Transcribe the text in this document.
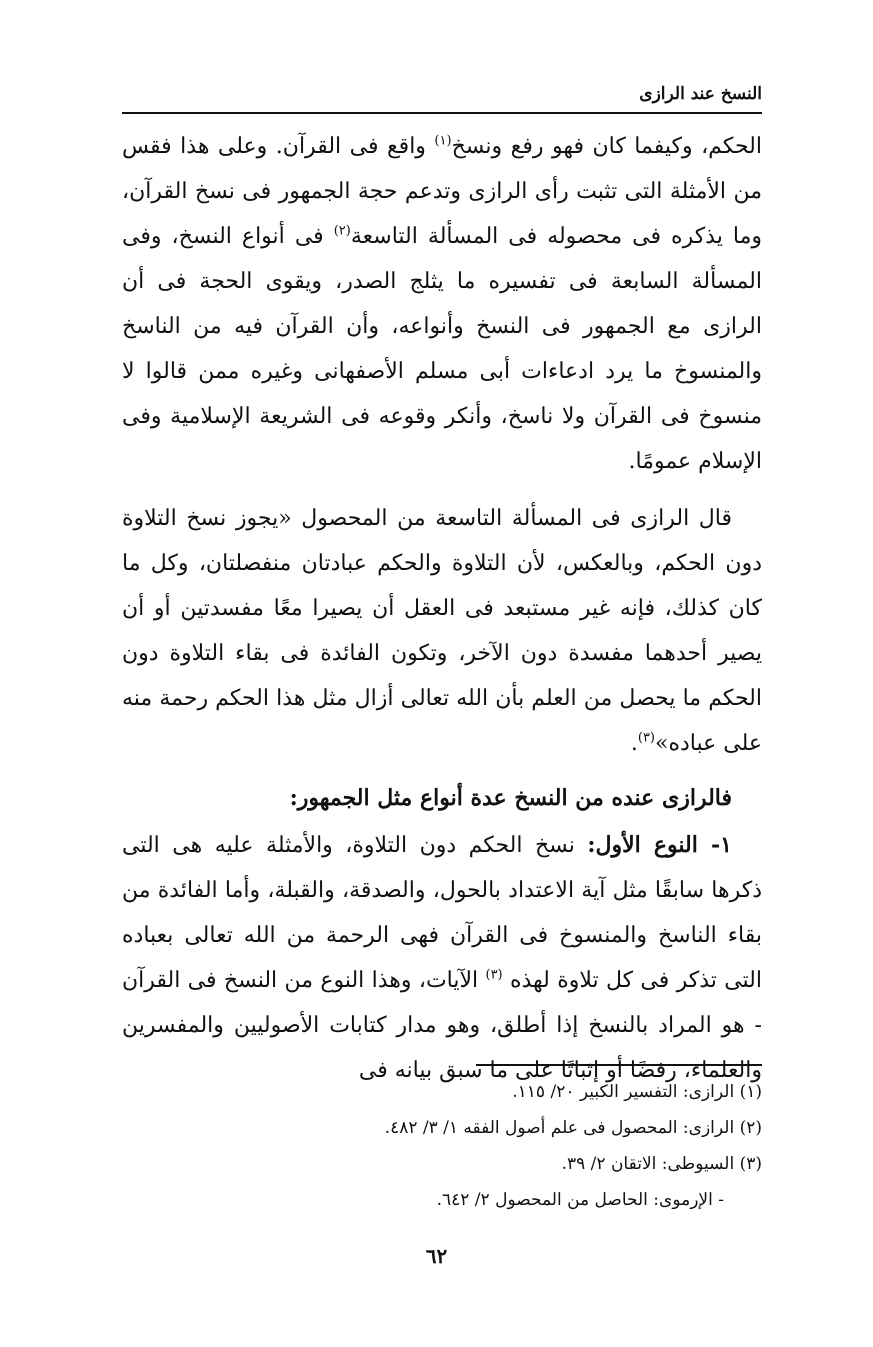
النسخ عند الرازى

الحكم، وكيفما كان فهو رفع ونسخ$^{(١)}$ واقع فى القرآن. وعلى هذا فقس من الأمثلة التى تثبت رأى الرازى وتدعم حجة الجمهور فى نسخ القرآن، وما يذكره فى محصوله فى المسألة التاسعة$^{(٢)}$ فى أنواع النسخ، وفى المسألة السابعة فى تفسيره ما يثلج الصدر، ويقوى الحجة فى أن الرازى مع الجمهور فى النسخ وأنواعه، وأن القرآن فيه من الناسخ والمنسوخ ما يرد ادعاءات أبى مسلم الأصفهانى وغيره ممن قالوا لا منسوخ فى القرآن ولا ناسخ، وأنكر وقوعه فى الشريعة الإسلامية وفى الإسلام عمومًا.

قال الرازى فى المسألة التاسعة من المحصول «يجوز نسخ التلاوة دون الحكم، وبالعكس، لأن التلاوة والحكم عبادتان منفصلتان، وكل ما كان كذلك، فإنه غير مستبعد فى العقل أن يصيرا معًا مفسدتين أو أن يصير أحدهما مفسدة دون الآخر، وتكون الفائدة فى بقاء التلاوة دون الحكم ما يحصل من العلم بأن الله تعالى أزال مثل هذا الحكم رحمة منه على عباده»$^{(٣)}$.

فالرازى عنده من النسخ عدة أنواع مثل الجمهور:

١- النوع الأول: نسخ الحكم دون التلاوة، والأمثلة عليه هى التى ذكرها سابقًا مثل آية الاعتداد بالحول، والصدقة، والقبلة، وأما الفائدة من بقاء الناسخ والمنسوخ فى القرآن فهى الرحمة من الله تعالى بعباده التى تذكر فى كل تلاوة لهذه $^{(٣)}$ الآيات، وهذا النوع من النسخ فى القرآن - هو المراد بالنسخ إذا أطلق، وهو مدار كتابات الأصوليين والمفسرين والعلماء، رفضًا أو إثباتًا على ما سبق بيانه فى

(١) الرازى: التفسير الكبير ٢٠/ ١١٥.

(٢) الرازى: المحصول فى علم أصول الفقه ١/ ٣/ ٤٨٢.

(٣) السيوطى: الاتقان ٢/ ٣٩.

- الإرموى: الحاصل من المحصول ٢/ ٦٤٢.

٦٢
